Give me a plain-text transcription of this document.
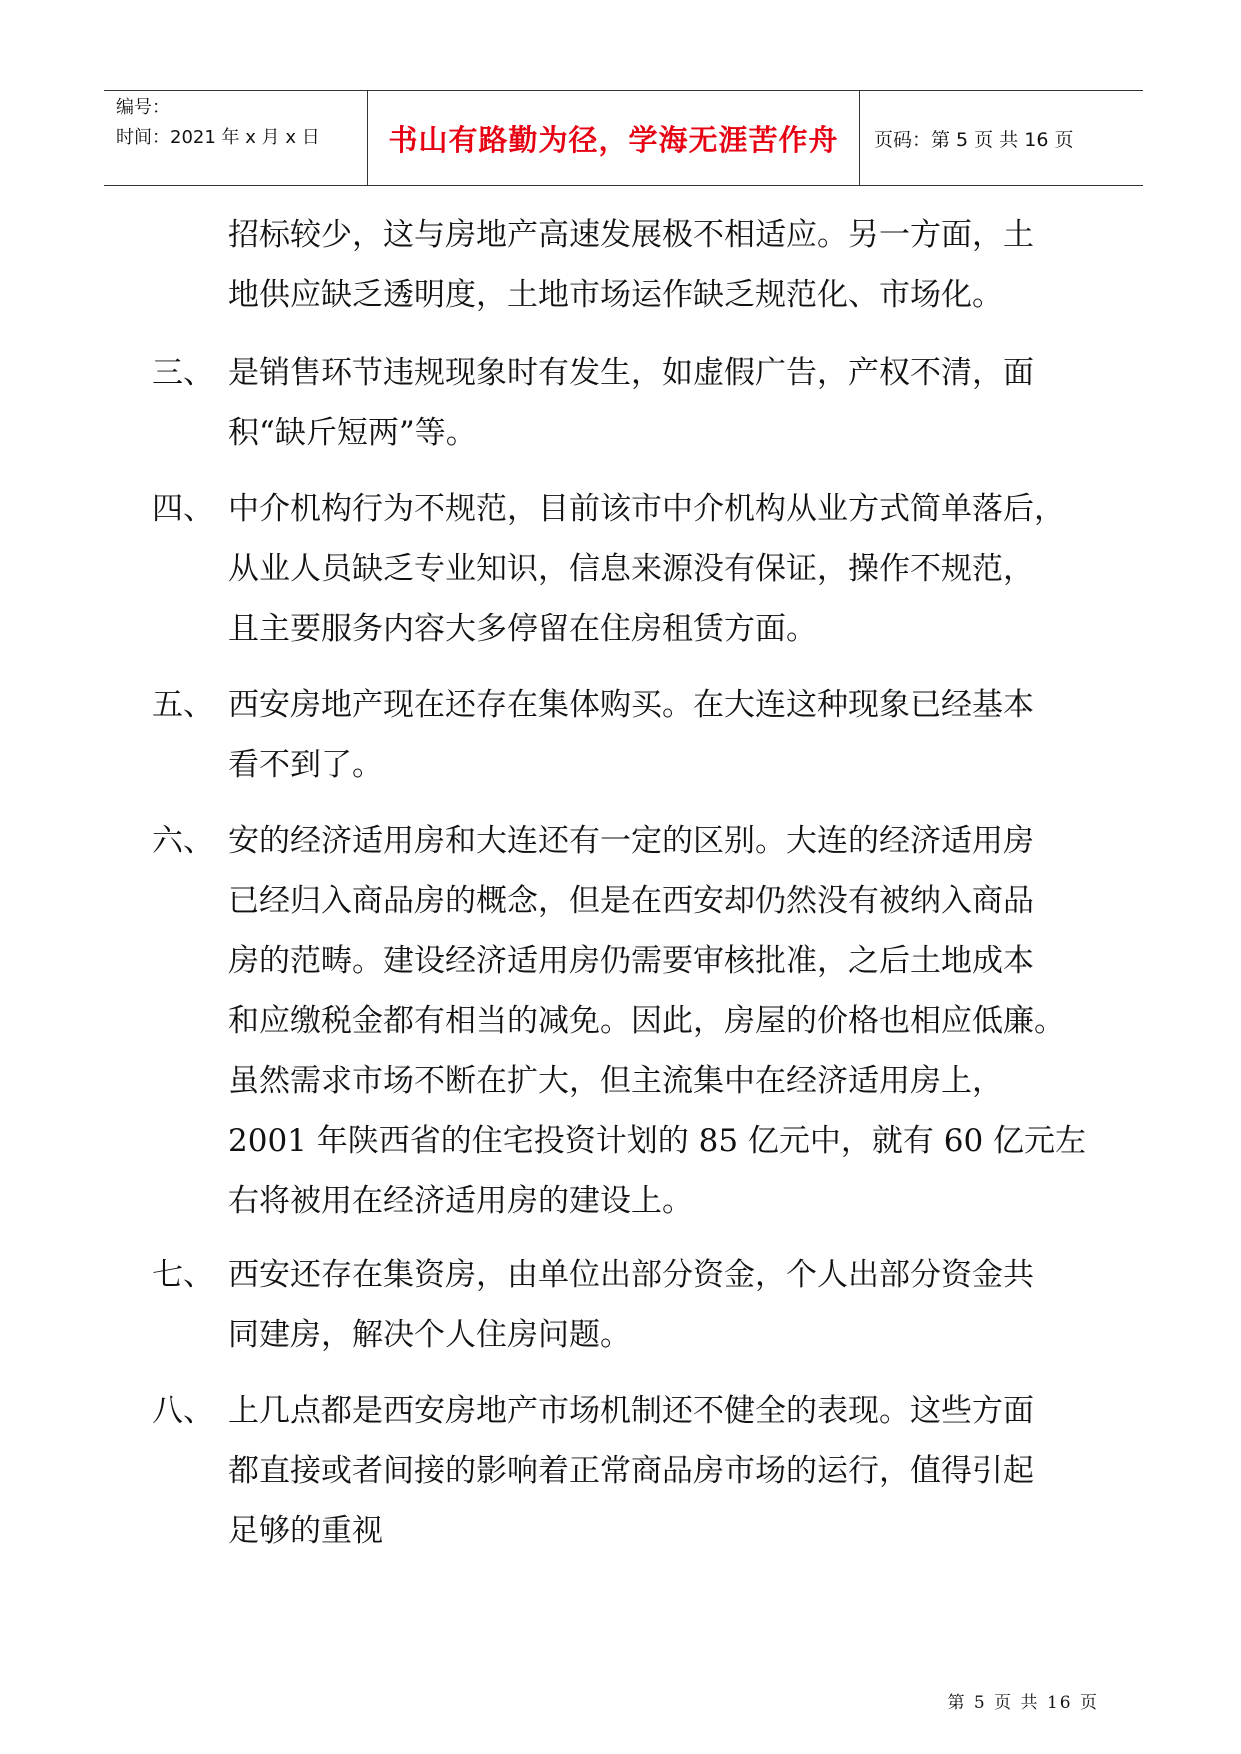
编号：
时间：2021 年 x 月 x 日	书山有路勤为径，学海无涯苦作舟	页码：第 5 页 共 16 页
招标较少，这与房地产高速发展极不相适应。另一方面，土
地供应缺乏透明度，土地市场运作缺乏规范化、市场化。
三、 是销售环节违规现象时有发生，如虚假广告，产权不清，面
积“缺斤短两”等。
四、 中介机构行为不规范，目前该市中介机构从业方式简单落后，
从业人员缺乏专业知识，信息来源没有保证，操作不规范，
且主要服务内容大多停留在住房租赁方面。
五、 西安房地产现在还存在集体购买。在大连这种现象已经基本
看不到了。
六、 安的经济适用房和大连还有一定的区别。大连的经济适用房
已经归入商品房的概念，但是在西安却仍然没有被纳入商品
房的范畴。建设经济适用房仍需要审核批准，之后土地成本
和应缴税金都有相当的减免。因此，房屋的价格也相应低廉。
虽然需求市场不断在扩大，但主流集中在经济适用房上，
2001 年陕西省的住宅投资计划的 85 亿元中，就有 60 亿元左
右将被用在经济适用房的建设上。
七、 西安还存在集资房，由单位出部分资金，个人出部分资金共
同建房，解决个人住房问题。
八、 上几点都是西安房地产市场机制还不健全的表现。这些方面
都直接或者间接的影响着正常商品房市场的运行，值得引起
足够的重视
第 5 页 共 16 页
